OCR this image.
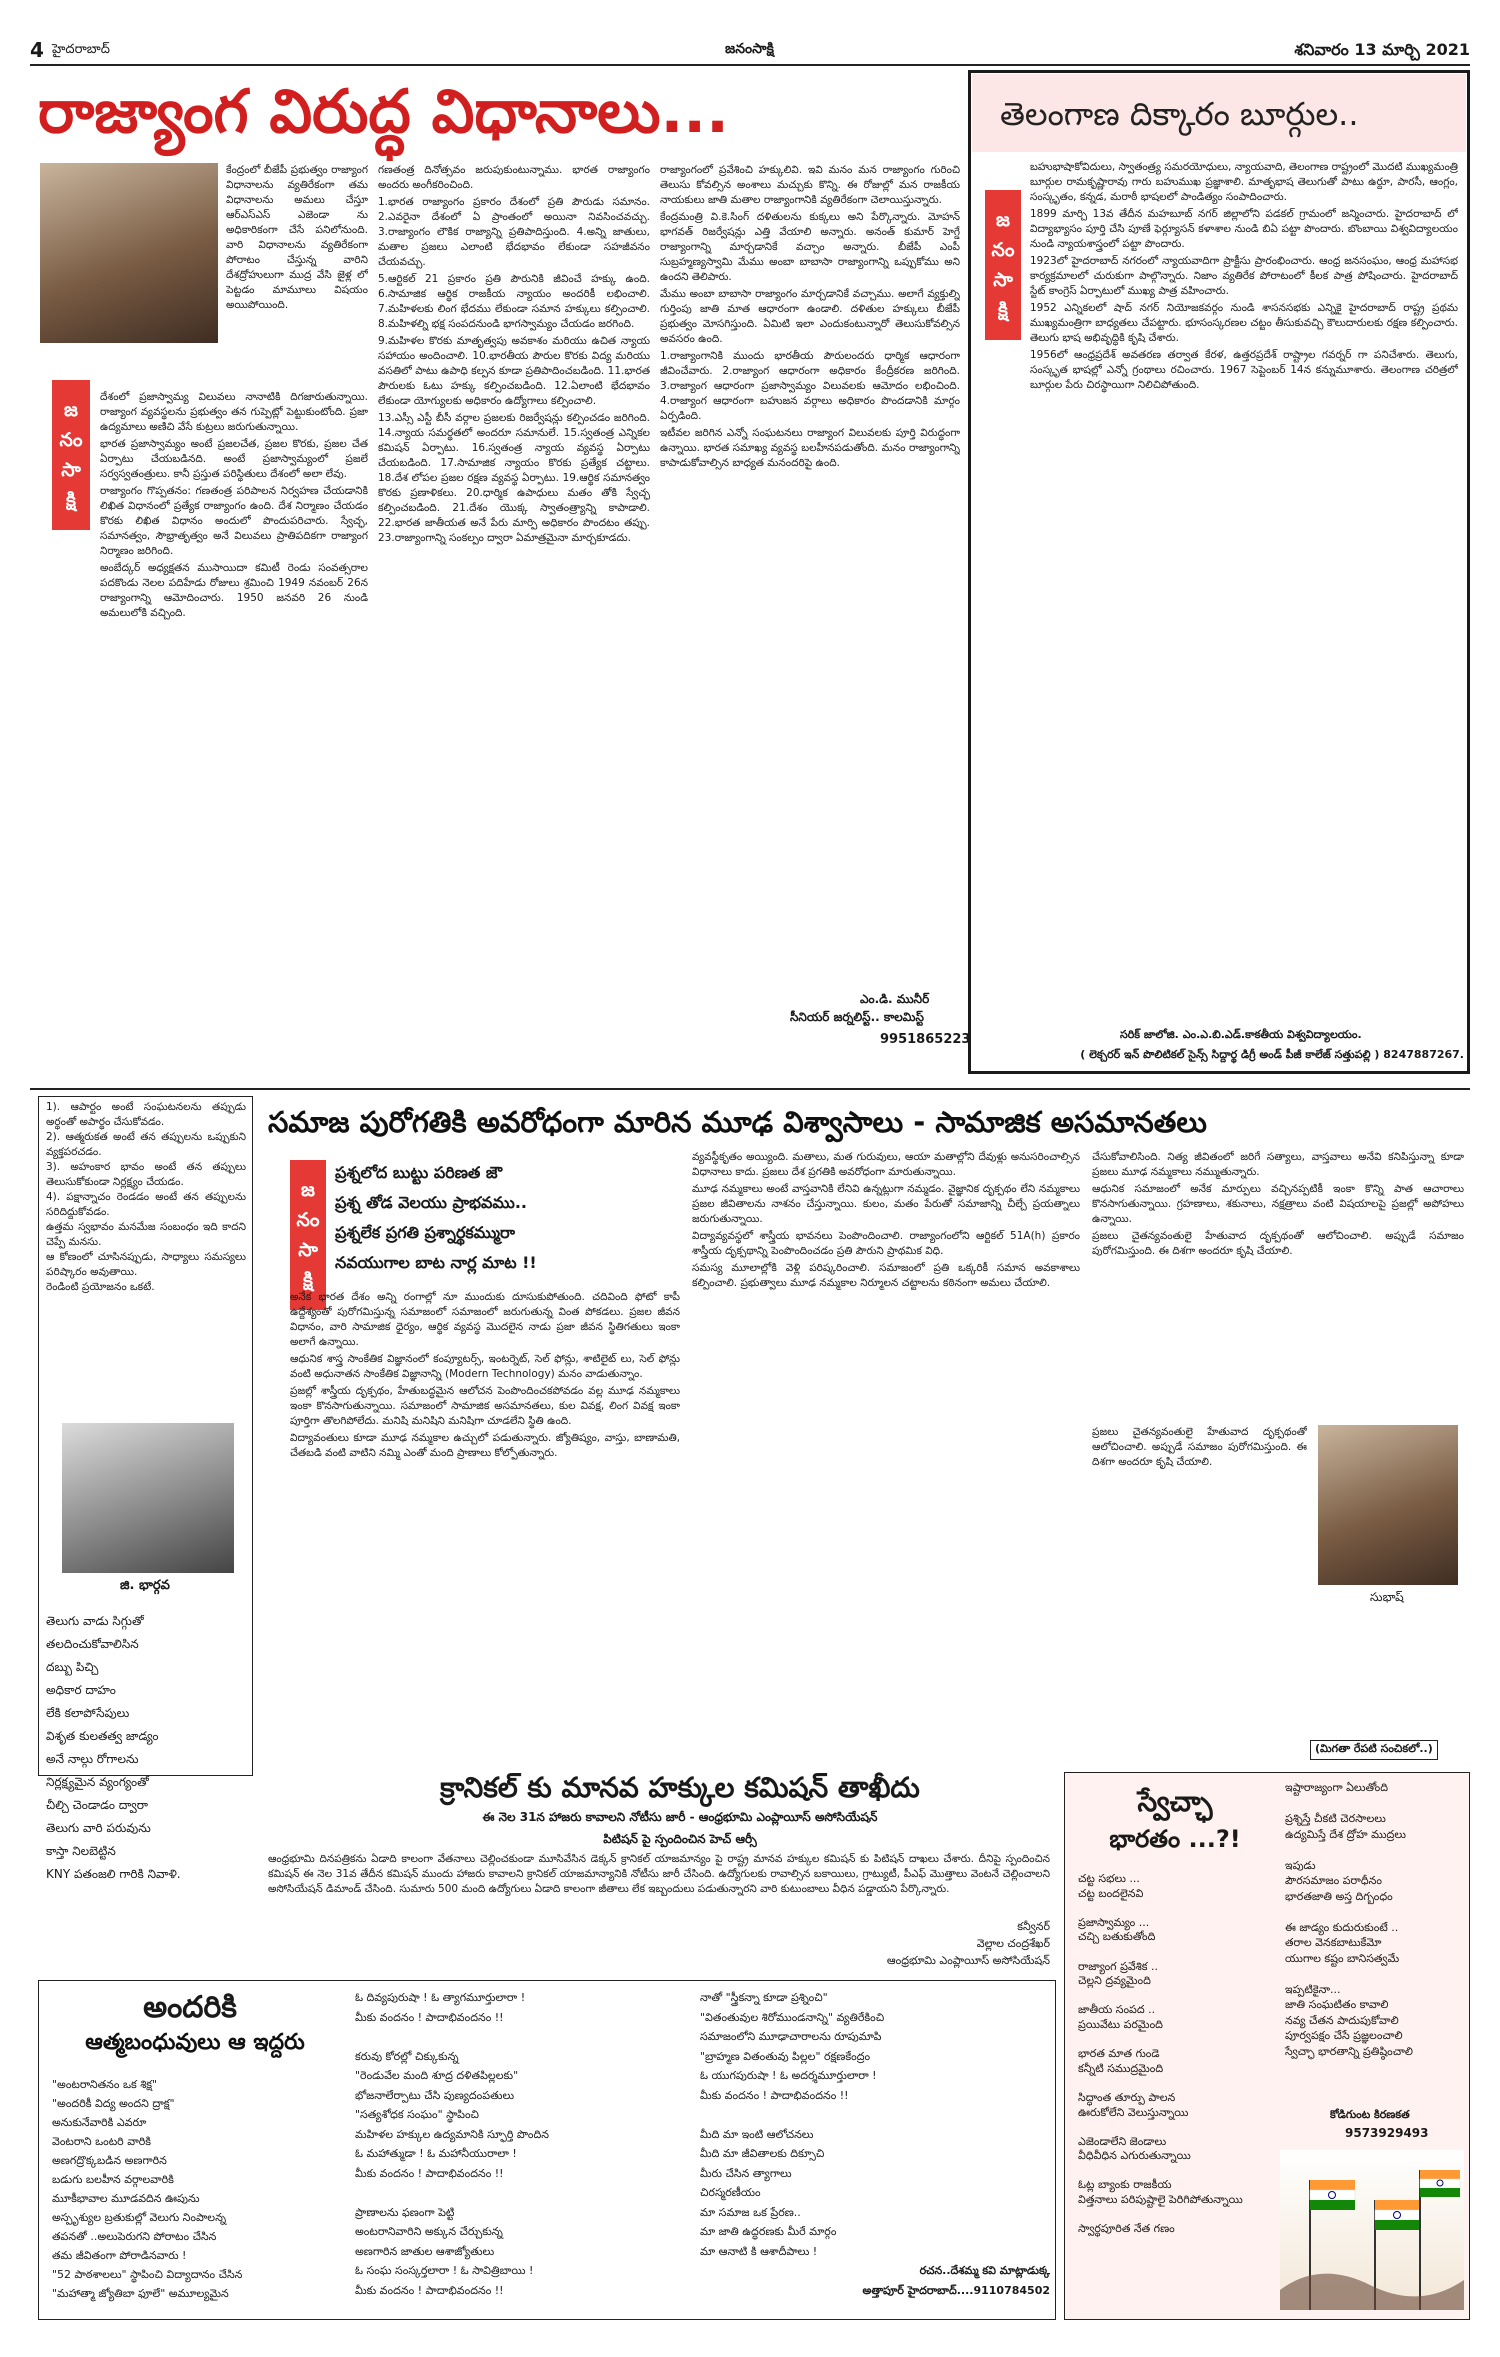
4 హైదరాబాద్	జనంసాక్షి	శనివారం 13 మార్చి 2021
రాజ్యాంగ విరుద్ధ విధానాలు...
జ
నం
సా
క్షి

కేంద్రంలో బీజేపీ ప్రభుత్వం రాజ్యాంగ విధానాలను వ్యతిరేకంగా తమ విధానాలను అమలు చేస్తూ ఆర్ఎస్ఎస్ ఎజెండా ను అధికారికంగా చేసే పనిలోనుంది. వారి విధానాలను వ్యతిరేకంగా పోరాటం చేస్తున్న వారిని దేశద్రోహులుగా ముద్ర వేసి జైళ్ల లో పెట్టడం మామూలు విషయం అయిపోయింది.

దేశంలో ప్రజాస్వామ్య విలువలు నానాటికి దిగజారుతున్నాయి. రాజ్యాంగ వ్యవస్థలను ప్రభుత్వం తన గుప్పెట్లో పెట్టుకుంటోంది. ప్రజా ఉద్యమాలు అణిచి వేసే కుట్రలు జరుగుతున్నాయి.

భారత ప్రజాస్వామ్యం అంటే ప్రజలచేత, ప్రజల కొరకు, ప్రజల చేత ఏర్పాటు చేయబడినది. అంటే ప్రజాస్వామ్యంలో ప్రజలే సర్వస్వతంత్రులు. కానీ ప్రస్తుత పరిస్థితులు దేశంలో అలా లేవు.

రాజ్యాంగం గొప్పతనం: గణతంత్ర పరిపాలన నిర్వహణ చేయడానికి లిఖిత విధానంలో ప్రత్యేక రాజ్యాంగం ఉంది. దేశ నిర్మాణం చేయడం కొరకు లిఖిత విధానం అందులో పొందుపరిచారు. స్వేచ్ఛ, సమానత్వం, సౌభ్రాతృత్వం అనే విలువలు ప్రాతిపదికగా రాజ్యాంగ నిర్మాణం జరిగింది.

అంబేద్కర్ అధ్యక్షతన ముసాయిదా కమిటీ రెండు సంవత్సరాల పదకొండు నెలల పదిహేడు రోజులు శ్రమించి 1949 నవంబర్ 26న రాజ్యాంగాన్ని ఆమోదించారు. 1950 జనవరి 26 నుండి అమలులోకి వచ్చింది.

గణతంత్ర దినోత్సవం జరుపుకుంటున్నాము. భారత రాజ్యాంగం అందరు అంగీకరించింది.

1.భారత రాజ్యాంగం ప్రకారం దేశంలో ప్రతి పౌరుడు సమానం. 2.ఎవరైనా దేశంలో ఏ ప్రాంతంలో అయినా నివసించవచ్చు. 3.రాజ్యాంగం లౌకిక రాజ్యాన్ని ప్రతిపాదిస్తుంది. 4.అన్ని జాతులు, మతాల ప్రజలు ఎలాంటి భేదభావం లేకుండా సహజీవనం చేయవచ్చు.

5.ఆర్టికల్ 21 ప్రకారం ప్రతి పౌరునికి జీవించే హక్కు ఉంది. 6.సామాజిక ఆర్థిక రాజకీయ న్యాయం అందరికీ లభించాలి. 7.మహిళలకు లింగ భేదము లేకుండా సమాన హక్కులు కల్పించాలి. 8.మహిళల్ని భక్ష సంపదనుండి భాగస్వామ్యం చేయడం జరగింది.

9.మహిళల కొరకు మాతృత్వపు అవకాశం మరియు ఉచిత న్యాయ సహాయం అందించాలి. 10.భారతీయ పౌరుల కొరకు విద్య మరియు వసతిలో పాటు ఉపాధి కల్పన కూడా ప్రతిపాదించబడింది. 11.భారత పౌరులకు ఓటు హక్కు కల్పించబడింది. 12.ఏలాంటి భేదభావం లేకుండా యోగ్యులకు అధికారం ఉద్యోగాలు కల్పించాలి.

13.ఎస్సీ ఎస్టీ బీసీ వర్గాల ప్రజలకు రిజర్వేషన్లు కల్పించడం జరిగింది. 14.న్యాయ సమర్థతలో అందరూ సమానులే. 15.స్వతంత్ర ఎన్నికల కమిషన్ ఏర్పాటు. 16.స్వతంత్ర న్యాయ వ్యవస్థ ఏర్పాటు చేయబడింది. 17.సామాజిక న్యాయం కొరకు ప్రత్యేక చట్టాలు. 18.దేశ లోపల ప్రజల రక్షణ వ్యవస్థ ఏర్పాటు. 19.ఆర్థిక సమానత్వం కొరకు ప్రణాళికలు. 20.ధార్మిక ఉపాధులు మతం తోకి స్వేచ్ఛ కల్పించబడింది. 21.దేశం యొక్క స్వాతంత్ర్యాన్ని కాపాడాలి. 22.భారత జాతీయత అనే పేరు మార్పి అధికారం పొందటం తప్పు. 23.రాజ్యాంగాన్ని సంకల్పం ద్వారా ఏమాత్రమైనా మార్చకూడదు.

రాజ్యాంగంలో ప్రవేశించి హక్కులివి. ఇవి మనం మన రాజ్యాంగం గురించి తెలుసు కోవల్సిన అంశాలు మచ్చుకు కొన్ని. ఈ రోజుల్లో మన రాజకీయ నాయకులు జాతి మతాల రాజ్యాంగానికి వ్యతిరేకంగా చెలాయిస్తున్నారు.

కేంద్రమంత్రి వి.కె.సింగ్ దళితులను కుక్కలు అని పేర్కొన్నారు. మోహన్ భాగవత్ రిజర్వేషన్లు ఎత్తి వేయాలి అన్నారు. అనంత్ కుమార్ హెగ్డే రాజ్యాంగాన్ని మార్చడానికే వచ్చాం అన్నారు. బీజేపీ ఎంపీ సుబ్రహ్మణ్యస్వామి మేము అంబా బాబాసా రాజ్యాంగాన్ని ఒప్పుకోము అని ఉందని తెలిపారు.

మేము అంబా బాబాసా రాజ్యాంగం మార్చడానికే వచ్చాము. అలాగే వ్యక్తుల్ని గుర్తింపు జాతి మాత ఆధారంగా ఉండాలి. దళితుల హక్కులు బీజేపీ ప్రభుత్వం మోసగిస్తుంది. ఏమిటి ఇలా ఎందుకంటున్నారో తెలుసుకోవల్సిన అవసరం ఉంది.

1.రాజ్యాంగానికి ముందు భారతీయ పౌరులందరు ధార్మిక ఆధారంగా జీవించేవారు. 2.రాజ్యాంగ ఆధారంగా అధికారం కేంద్రీకరణ జరిగింది. 3.రాజ్యాంగ ఆధారంగా ప్రజాస్వామ్యం విలువలకు ఆమోదం లభించింది. 4.రాజ్యాంగ ఆధారంగా బహుజన వర్గాలు అధికారం పొందడానికి మార్గం ఏర్పడింది.

ఇటీవల జరిగిన ఎన్నో సంఘటనలు రాజ్యాంగ విలువలకు పూర్తి విరుద్ధంగా ఉన్నాయి. భారత సమాఖ్య వ్యవస్థ బలహీనపడుతోంది. మనం రాజ్యాంగాన్ని కాపాడుకోవాల్సిన బాధ్యత మనందరిపై ఉంది.

ఎం.డి. మునీర్
సీనియర్ జర్నలిస్ట్.. కాలమిస్ట్
9951865223
తెలంగాణ దిక్కారం బూర్గుల..
జ
నం
సా
క్షి

బహుభాషాకోవిదులు, స్వాతంత్ర్య సమరయోధులు, న్యాయవాది, తెలంగాణ రాష్ట్రంలో మొదటి ముఖ్యమంత్రి బూర్గుల రామకృష్ణారావు గారు బహుముఖ ప్రజ్ఞాశాలి. మాతృభాష తెలుగుతో పాటు ఉర్దూ, పారసీ, ఆంగ్లం, సంస్కృతం, కన్నడ, మరాఠీ భాషలలో పాండిత్యం సంపాదించారు.

1899 మార్చి 13వ తేదీన మహబూబ్ నగర్ జిల్లాలోని పడకల్ గ్రామంలో జన్మించారు. హైదరాబాద్ లో విద్యాభ్యాసం పూర్తి చేసి పూణే ఫెర్గ్యూసన్ కళాశాల నుండి బిఏ పట్టా పొందారు. బొంబాయి విశ్వవిద్యాలయం నుండి న్యాయశాస్త్రంలో పట్టా పొందారు.

1923లో హైదరాబాద్ నగరంలో న్యాయవాదిగా ప్రాక్టీసు ప్రారంభించారు. ఆంధ్ర జనసంఘం, ఆంధ్ర మహాసభ కార్యక్రమాలలో చురుకుగా పాల్గొన్నారు. నిజాం వ్యతిరేక పోరాటంలో కీలక పాత్ర పోషించారు. హైదరాబాద్ స్టేట్ కాంగ్రెస్ ఏర్పాటులో ముఖ్య పాత్ర వహించారు.

1952 ఎన్నికలలో షాద్ నగర్ నియోజకవర్గం నుండి శాసనసభకు ఎన్నికై హైదరాబాద్ రాష్ట్ర ప్రథమ ముఖ్యమంత్రిగా బాధ్యతలు చేపట్టారు. భూసంస్కరణల చట్టం తీసుకువచ్చి కౌలుదారులకు రక్షణ కల్పించారు. తెలుగు భాష అభివృద్ధికి కృషి చేశారు.

1956లో ఆంధ్రప్రదేశ్ అవతరణ తర్వాత కేరళ, ఉత్తరప్రదేశ్ రాష్ట్రాల గవర్నర్ గా పనిచేశారు. తెలుగు, సంస్కృత భాషల్లో ఎన్నో గ్రంథాలు రచించారు. 1967 సెప్టెంబర్ 14న కన్నుమూశారు. తెలంగాణ చరిత్రలో బూర్గుల పేరు చిరస్థాయిగా నిలిచిపోతుంది.

సరిక్ జాలోజి. ఎం.ఎ.బి.ఎడ్.కాకతీయ విశ్వవిద్యాలయం.
( లెక్చరర్ ఇన్ పొలిటికల్ సైన్స్ సిద్దార్థ డిగ్రీ అండ్ పీజీ కాలేజ్ సత్తుపల్లి ) 8247887267.

1). ఆపార్టం అంటే సంఘటనలను తప్పుడు అర్థంతో అపార్థం చేసుకోవడం.

2). ఆత్మరుకత అంటే తన తప్పులను ఒప్పుకుని వ్యక్తపరచడం.

3). అహంకార భావం అంటే తన తప్పులు తెలుసుకోకుండా నిర్లక్ష్యం చేయడం.

4). పక్షాన్నాచం రెండడం అంటే తన తప్పులను సరిదిద్దుకోవడం.

ఉత్తమ స్వభావం మనమేజ సంబంధం ఇది కాదని చెప్పే మనసు.

ఆ కోణంలో చూసినప్పుడు, సాధ్యాలు సమస్యలు పరిష్కారం అవుతాయి.

రెండింటి ప్రయోజనం ఒకటే.

జి. భార్గవ

తెలుగు వాడు సిగ్గుతో

తలదించుకోవాలిసిన

దబ్బు పిచ్చి

అధికార దాహం

లేకి కలాపోసేపులు

విశృత కులతత్వ జాడ్యం

అనే నాల్గు రోగాలను

నిర్లక్ష్యమైన వ్యంగ్యంతో

చీల్చి చెండాడం ద్వారా

తెలుగు వారి పరువును

కాస్తా నిలబెట్టిన

KNY పతంజలి గారికి నివాళి.

సమాజ పురోగతికి అవరోధంగా మారిన మూఢ విశ్వాసాలు - సామాజిక అసమానతలు
జ
నం
సా
క్షి
ప్రశ్నలోద బుట్టు పరిణత జౌ
ప్రశ్న తోడ వెలయు ప్రాభవము..
ప్రశ్నలేక ప్రగతి ప్రశ్నార్థకమ్మురా
నవయుగాల బాట నార్ల మాట !!

అనేక భారత దేశం అన్ని రంగాల్లో నూ ముందుకు దూసుకుపోతుంది. చదివింది ఫోటో కాపీ ఉద్దేశ్యంతో పురోగమిస్తున్న సమాజంలో సమాజంలో జరుగుతున్న వింత పోకడలు. ప్రజల జీవన విధానం, వారి సామాజిక ధైర్యం, ఆర్థిక వ్యవస్థ మొదలైన నాడు ప్రజా జీవన స్థితిగతులు ఇంకా అలాగే ఉన్నాయి.

ఆధునిక శాస్త్ర సాంకేతిక విజ్ఞానంలో కంప్యూటర్స్, ఇంటర్నెట్, సెల్ ఫోన్లు, శాటిలైట్ లు, సెల్ ఫోన్లు వంటి అధునాతన సాంకేతిక విజ్ఞానాన్ని (Modern Technology) మనం వాడుతున్నాం.

ప్రజల్లో శాస్త్రీయ దృక్పథం, హేతుబద్ధమైన ఆలోచన పెంపొందించకపోవడం వల్ల మూఢ నమ్మకాలు ఇంకా కొనసాగుతున్నాయి. సమాజంలో సామాజిక అసమానతలు, కుల వివక్ష, లింగ వివక్ష ఇంకా పూర్తిగా తొలగిపోలేదు. మనిషి మనిషిని మనిషిగా చూడలేని స్థితి ఉంది.

విద్యావంతులు కూడా మూఢ నమ్మకాల ఉచ్చులో పడుతున్నారు. జ్యోతిష్యం, వాస్తు, బాణామతి, చేతబడి వంటి వాటిని నమ్మి ఎంతో మంది ప్రాణాలు కోల్పోతున్నారు.

వ్యవస్థీకృతం అయ్యింది. మతాలు, మత గురువులు, ఆయా మతాల్లోని దేవుళ్లు అనుసరించాల్సిన విధానాలు కాదు. ప్రజలు దేశ ప్రగతికి అవరోధంగా మారుతున్నాయి.

మూఢ నమ్మకాలు అంటే వాస్తవానికి లేనివి ఉన్నట్లుగా నమ్మడం. వైజ్ఞానిక దృక్పథం లేని నమ్మకాలు ప్రజల జీవితాలను నాశనం చేస్తున్నాయి. కులం, మతం పేరుతో సమాజాన్ని చీల్చే ప్రయత్నాలు జరుగుతున్నాయి.

విద్యావ్యవస్థలో శాస్త్రీయ భావనలు పెంపొందించాలి. రాజ్యాంగంలోని ఆర్టికల్ 51A(h) ప్రకారం శాస్త్రీయ దృక్పథాన్ని పెంపొందించడం ప్రతి పౌరుని ప్రాథమిక విధి.

సమస్య మూలాల్లోకి వెళ్లి పరిష్కరించాలి. సమాజంలో ప్రతి ఒక్కరికీ సమాన అవకాశాలు కల్పించాలి. ప్రభుత్వాలు మూఢ నమ్మకాల నిర్మూలన చట్టాలను కఠినంగా అమలు చేయాలి.

చేసుకోవాలిసింది. నిత్య జీవితంలో జరిగే సత్యాలు, వాస్తవాలు అనేవి కనిపిస్తున్నా కూడా ప్రజలు మూఢ నమ్మకాలు నమ్ముతున్నారు.

ఆధునిక సమాజంలో అనేక మార్పులు వచ్చినప్పటికీ ఇంకా కొన్ని పాత ఆచారాలు కొనసాగుతున్నాయి. గ్రహణాలు, శకునాలు, నక్షత్రాలు వంటి విషయాలపై ప్రజల్లో అపోహలు ఉన్నాయి.

ప్రజలు చైతన్యవంతులై హేతువాద దృక్పథంతో ఆలోచించాలి. అప్పుడే సమాజం పురోగమిస్తుంది. ఈ దిశగా అందరూ కృషి చేయాలి.

ప్రజలు చైతన్యవంతులై హేతువాద దృక్పథంతో ఆలోచించాలి. అప్పుడే సమాజం పురోగమిస్తుంది. ఈ దిశగా అందరూ కృషి చేయాలి.

సుభాష్
(మిగతా రేపటి సంచికలో..)
క్రానికల్ కు మానవ హక్కుల కమిషన్ తాఖీదు
ఈ నెల 31న హాజరు కావాలని నోటీసు జారీ - ఆంధ్రభూమి ఎంప్లాయీస్ అసోసియేషన్
పిటిషన్ పై స్పందించిన హెచ్ ఆర్సీ

ఆంధ్రభూమి దినపత్రికను ఏడాది కాలంగా వేతనాలు చెల్లించకుండా మూసివేసిన డెక్కన్ క్రానికల్ యాజమాన్యం పై రాష్ట్ర మానవ హక్కుల కమిషన్ కు పిటిషన్ దాఖలు చేశారు. దీనిపై స్పందించిన కమిషన్ ఈ నెల 31వ తేదీన కమిషన్ ముందు హాజరు కావాలని క్రానికల్ యాజమాన్యానికి నోటీసు జారీ చేసింది. ఉద్యోగులకు రావాల్సిన బకాయిలు, గ్రాట్యుటీ, పీఎఫ్ మొత్తాలు వెంటనే చెల్లించాలని అసోసియేషన్ డిమాండ్ చేసింది. సుమారు 500 మంది ఉద్యోగులు ఏడాది కాలంగా జీతాలు లేక ఇబ్బందులు పడుతున్నారని వారి కుటుంబాలు వీధిన పడ్డాయని పేర్కొన్నారు.

కన్వీనర్
వెల్లాల చంద్రశేఖర్
ఆంధ్రభూమి ఎంప్లాయీస్ అసోసియేషన్
అందరికి
ఆత్మబంధువులు ఆ ఇద్దరు

"అంటరానితనం ఒక శిక్ష"

"అందరికీ విద్య అందని ద్రాక్ష"

అనుకునేవారికి ఎవరూ

వెంటరాని ఒంటరి వారికి

అణగద్రొక్కబడిన అణగారిన

బడుగు బలహీన వర్గాలవారికి

మూకీభావాల మూడవదిన ఊపును

అస్పృశ్యుల బ్రతుకుల్లో వెలుగు నింపాలన్న

తపనతో ..అలుపెరుగని పోరాటం చేసిన

తమ జీవితంగా పోరాడినవారు !

"52 పాఠశాలలు" స్థాపించి విద్యాదానం చేసిన

"మహాత్మా జ్యోతిబా ఫూలే" అమూల్యమైన

ఓ దివ్యపురుషా ! ఓ త్యాగమూర్తులారా !

మీకు వందనం ! పాదాభివందనం !!

కరువు కోరల్లో చిక్కుకున్న

"రెండువేల మంది శూద్ర దళితపిల్లలకు"

భోజనాలేర్పాటు చేసి పుణ్యదంపతులు

"సత్యశోధక సంఘం" స్థాపించి

మహిళల హక్కుల ఉద్యమానికి స్ఫూర్తి పొందిన

ఓ మహాత్ముడా ! ఓ మహానీయురాలా !

మీకు వందనం ! పాదాభివందనం !!

ప్రాణాలను ఫణంగా పెట్టి

అంటరానివారిని అక్కున చేర్చుకున్న

అణగారిన జాతుల ఆశాజ్యోతులు

ఓ సంఘ సంస్కర్తలారా ! ఓ సావిత్రిబాయి !

మీకు వందనం ! పాదాభివందనం !!

నాతో "స్త్రీకన్నా కూడా ప్రశ్నించి"

"వితంతువుల శిరోముండనాన్ని" వ్యతిరేకించి

సమాజంలోని మూఢాచారాలను రూపుమాపి

"బ్రాహ్మణ వితంతువు పిల్లల" రక్షణకేంద్రం

ఓ యుగపురుషా ! ఓ అదర్శమూర్తులారా !

మీకు వందనం ! పాదాభివందనం !!

మీది మా ఇంటి ఆలోచనలు

మీది మా జీవితాలకు దిక్సూచి

మీరు చేసిన త్యాగాలు

చిరస్మరణీయం

మా సమాజ ఒక ప్రేరణ..

మా జాతి ఉద్ధరణకు మీరే మార్గం

మా ఆనాటి కి ఆశాదీపాలు !

రచన..దేశమ్మ కవి మాట్లాడుక్క

అత్తాపూర్ హైదరాబాద్....9110784502

స్వేచ్ఛా
భారతం ...?!

చట్ట సభలు ...

చట్ట బందలైనవి

ప్రజాస్వామ్యం ...

చచ్చి బతుకుతోంది

రాజ్యాంగ ప్రవేశిక ..

చెల్లని ద్రవ్యమైంది

జాతీయ సంపద ..

ప్రయివేటు పరమైంది

భారత మాత గుండె

కన్నీటి సముద్రమైంది

సిద్ధాంత తూర్పు పాలన

ఊరుకోలేని వెలుస్తున్నాయి

ఎజెండాలేని జెండాలు

వీధివీధిన ఎగురుతున్నాయి

ఓట్ల బ్యాంకు రాజకీయ

విత్తనాలు పరిపుష్టాలై పెరిగిపోతున్నాయి

స్వార్థపూరిత నేత గణం

ఇష్టారాజ్యంగా ఏలుతోంది

ప్రశ్నిస్తే చీకటి చెరసాలలు

ఉద్యమిస్తే దేశ ద్రోహ ముద్రలు

ఇపుడు

పౌరసమాజం పరాధీనం

భారతజాతి అస్త దిగ్బంధం

ఈ జాడ్యం కుదురుకుంటే ..

తరాల వెనకబాటుకేమో

యుగాల కష్టం బానిసత్వమే

ఇప్పటికైనా...

జాతి సంఘటితం కావాలి

నవ్య చేతన పాదుపుకోవాలి

పూర్వపక్షం చేసే ప్రజ్ఞలంచాలి

స్వేచ్ఛా భారతాన్ని ప్రతిష్ఠించాలి

కోడిగుంట కిరణకత
9573929493
